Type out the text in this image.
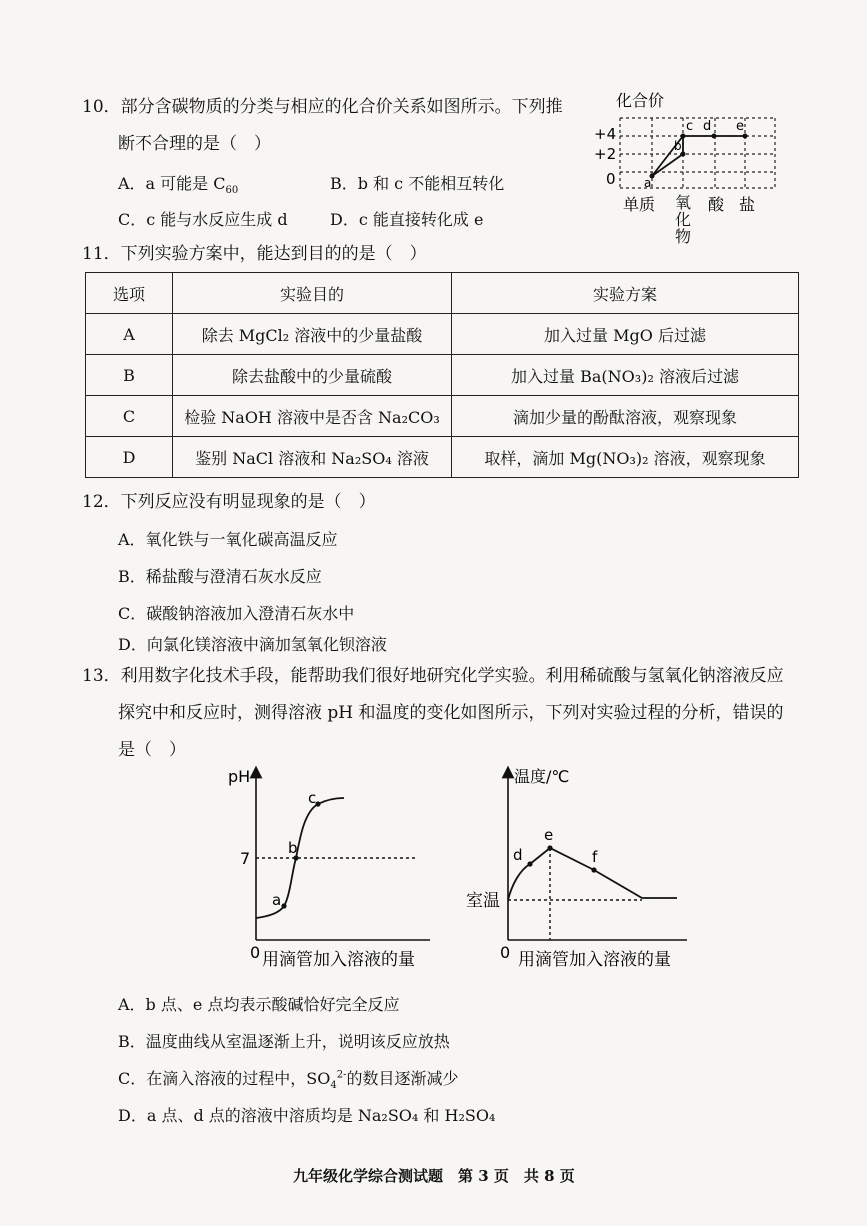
10．部分含碳物质的分类与相应的化合价关系如图所示。下列推
断不合理的是（　）
A．a 可能是 $C_{60}$	B．b 和 c 不能相互转化
C．c 能与水反应生成 d	D．c 能直接转化成 e
化合价
+4
+2
0 a
b
c d e
单质	酸 盐
氧化物
11．下列实验方案中，能达到目的的是（　）
选项	实验目的	实验方案
A	除去 MgCl₂ 溶液中的少量盐酸	加入过量 MgO 后过滤
B	除去盐酸中的少量硫酸	加入过量 Ba(NO₃)₂ 溶液后过滤
C	检验 NaOH 溶液中是否含 Na₂CO₃	滴加少量的酚酞溶液，观察现象
D	鉴别 NaCl 溶液和 Na₂SO₄ 溶液	取样，滴加 Mg(NO₃)₂ 溶液，观察现象
12．下列反应没有明显现象的是（　）
A．氧化铁与一氧化碳高温反应
B．稀盐酸与澄清石灰水反应
C．碳酸钠溶液加入澄清石灰水中
D．向氯化镁溶液中滴加氢氧化钡溶液
13．利用数字化技术手段，能帮助我们很好地研究化学实验。利用稀硫酸与氢氧化钠溶液反应
探究中和反应时，测得溶液 pH 和温度的变化如图所示，下列对实验过程的分析，错误的
是（　）
pH
7
a
b
c
0 用滴管加入溶液的量
温度/℃
室温
d
e
f
0 用滴管加入溶液的量
A．b 点、e 点均表示酸碱恰好完全反应
B．温度曲线从室温逐渐上升，说明该反应放热
C．在滴入溶液的过程中，$SO_4^{2-}$的数目逐渐减少
D．a 点、d 点的溶液中溶质均是 Na₂SO₄ 和 H₂SO₄
九年级化学综合测试题　第 3 页　共 8 页
